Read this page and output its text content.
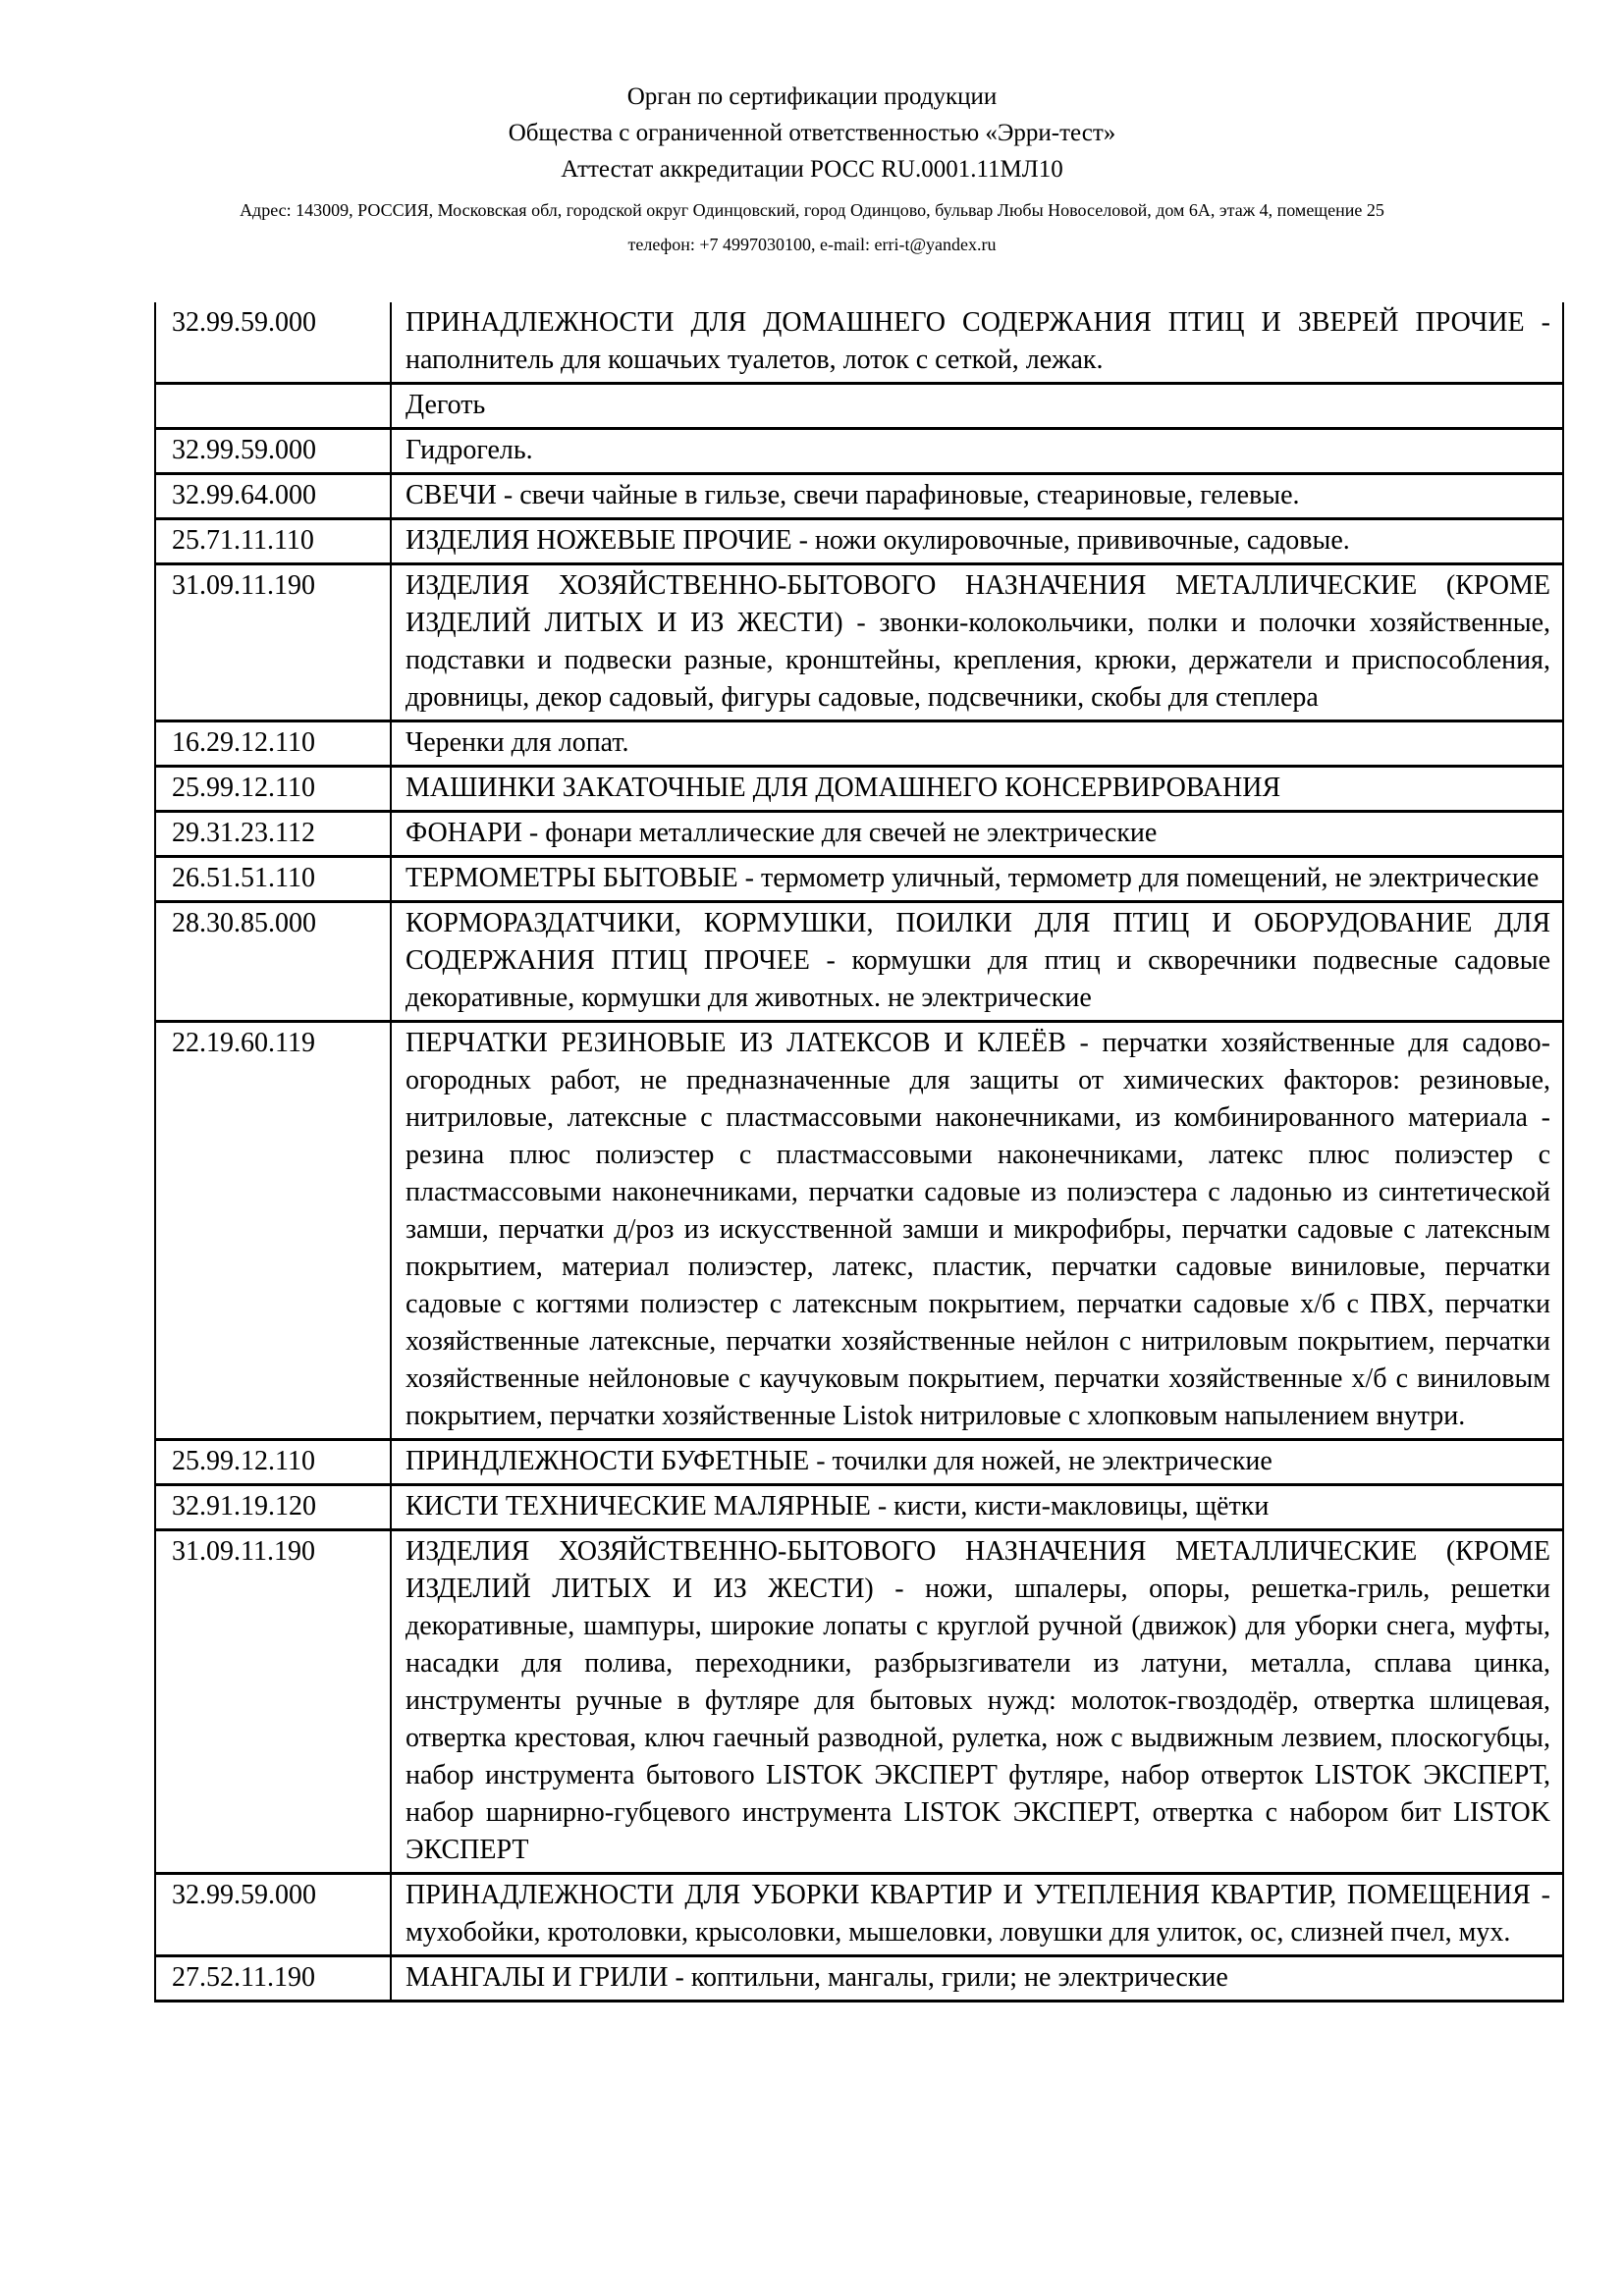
Орган по сертификации продукции
Общества с ограниченной ответственностью «Эрри-тест»
Аттестат аккредитации РОСС RU.0001.11МЛ10
Адрес: 143009, РОССИЯ, Московская обл, городской округ Одинцовский, город Одинцово, бульвар Любы Новоселовой, дом 6А, этаж 4, помещение 25
телефон: +7 4997030100, e-mail: erri-t@yandex.ru
32.99.59.000	ПРИНАДЛЕЖНОСТИ ДЛЯ ДОМАШНЕГО СОДЕРЖАНИЯ ПТИЦ И ЗВЕРЕЙ ПРОЧИЕ - наполнитель для кошачьих туалетов, лоток с сеткой, лежак.
	Деготь
32.99.59.000	Гидрогель.
32.99.64.000	СВЕЧИ - свечи чайные в гильзе, свечи парафиновые, стеариновые, гелевые.
25.71.11.110	ИЗДЕЛИЯ НОЖЕВЫЕ ПРОЧИЕ - ножи окулировочные, прививочные, садовые.
31.09.11.190	ИЗДЕЛИЯ ХОЗЯЙСТВЕННО-БЫТОВОГО НАЗНАЧЕНИЯ МЕТАЛЛИЧЕСКИЕ (КРОМЕ ИЗДЕЛИЙ ЛИТЫХ И ИЗ ЖЕСТИ) - звонки-колокольчики, полки и полочки хозяйственные, подставки и подвески разные, кронштейны, крепления, крюки, держатели и приспособления, дровницы, декор садовый, фигуры садовые, подсвечники, скобы для степлера
16.29.12.110	Черенки для лопат.
25.99.12.110	МАШИНКИ ЗАКАТОЧНЫЕ ДЛЯ ДОМАШНЕГО КОНСЕРВИРОВАНИЯ
29.31.23.112	ФОНАРИ - фонари металлические для свечей не электрические
26.51.51.110	ТЕРМОМЕТРЫ БЫТОВЫЕ - термометр уличный, термометр для помещений, не электрические
28.30.85.000	КОРМОРАЗДАТЧИКИ, КОРМУШКИ, ПОИЛКИ ДЛЯ ПТИЦ И ОБОРУДОВАНИЕ ДЛЯ СОДЕРЖАНИЯ ПТИЦ ПРОЧЕЕ - кормушки для птиц и скворечники подвесные садовые декоративные, кормушки для животных. не электрические
22.19.60.119	ПЕРЧАТКИ РЕЗИНОВЫЕ ИЗ ЛАТЕКСОВ И КЛЕЁВ - перчатки хозяйственные для садово-огородных работ, не предназначенные для защиты от химических факторов: резиновые, нитриловые, латексные с пластмассовыми наконечниками, из комбинированного материала - резина плюс полиэстер с пластмассовыми наконечниками, латекс плюс полиэстер с пластмассовыми наконечниками, перчатки садовые из полиэстера с ладонью из синтетической замши, перчатки д/роз из искусственной замши и микрофибры, перчатки садовые с латексным покрытием, материал полиэстер, латекс, пластик, перчатки садовые виниловые, перчатки садовые с когтями полиэстер с латексным покрытием, перчатки садовые х/б с ПВХ, перчатки хозяйственные латексные, перчатки хозяйственные нейлон с нитриловым покрытием, перчатки хозяйственные нейлоновые с каучуковым покрытием, перчатки хозяйственные х/б с виниловым покрытием, перчатки хозяйственные Listok нитриловые с хлопковым напылением внутри.
25.99.12.110	ПРИНДЛЕЖНОСТИ БУФЕТНЫЕ - точилки для ножей, не электрические
32.91.19.120	КИСТИ ТЕХНИЧЕСКИЕ МАЛЯРНЫЕ - кисти, кисти-макловицы, щётки
31.09.11.190	ИЗДЕЛИЯ ХОЗЯЙСТВЕННО-БЫТОВОГО НАЗНАЧЕНИЯ МЕТАЛЛИЧЕСКИЕ (КРОМЕ ИЗДЕЛИЙ ЛИТЫХ И ИЗ ЖЕСТИ) - ножи, шпалеры, опоры, решетка-гриль, решетки декоративные, шампуры, широкие лопаты с круглой ручной (движок) для уборки снега, муфты, насадки для полива, переходники, разбрызгиватели из латуни, металла, сплава цинка, инструменты ручные в футляре для бытовых нужд: молоток-гвоздодёр, отвертка шлицевая, отвертка крестовая, ключ гаечный разводной, рулетка, нож с выдвижным лезвием, плоскогубцы, набор инструмента бытового LISTOK ЭКСПЕРТ футляре, набор отверток LISTOK ЭКСПЕРТ, набор шарнирно-губцевого инструмента LISTOK ЭКСПЕРТ, отвертка с набором бит LISTOK ЭКСПЕРТ
32.99.59.000	ПРИНАДЛЕЖНОСТИ ДЛЯ УБОРКИ КВАРТИР И УТЕПЛЕНИЯ КВАРТИР, ПОМЕЩЕНИЯ - мухобойки, кротоловки, крысоловки, мышеловки, ловушки для улиток, ос, слизней пчел, мух.
27.52.11.190	МАНГАЛЫ И ГРИЛИ - коптильни, мангалы, грили; не электрические
